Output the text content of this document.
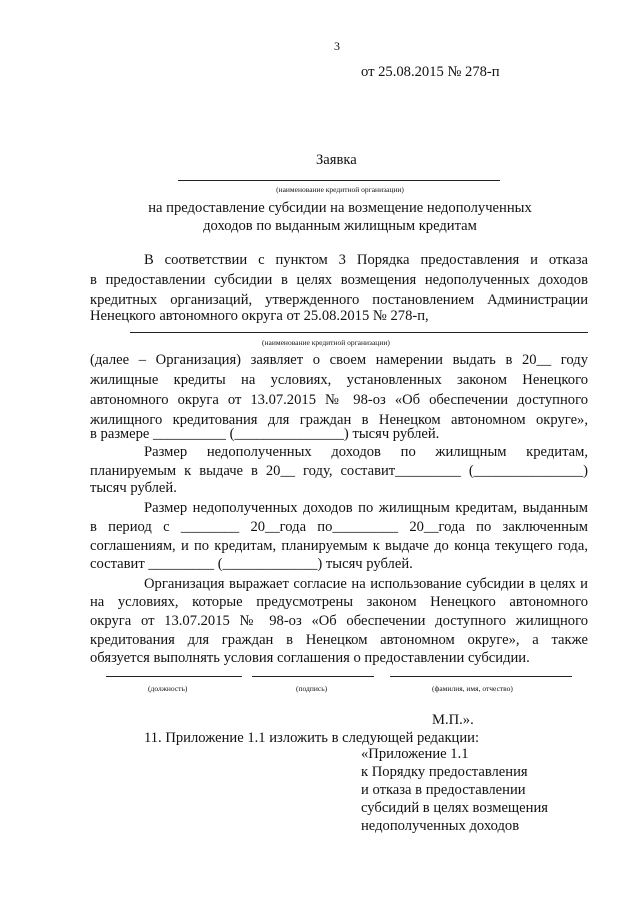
3
от 25.08.2015 № 278-п
Заявка
(наименование кредитной организации)
на предоставление субсидии на возмещение недополученных
доходов по выданным жилищным кредитам
В соответствии с пунктом 3 Порядка предоставления и отказа
в предоставлении субсидии в целях возмещения недополученных доходов
кредитных организаций, утвержденного постановлением Администрации
Ненецкого автономного округа от 25.08.2015 № 278-п,
(наименование кредитной организации)
(далее – Организация) заявляет о своем намерении выдать в 20__ году
жилищные кредиты на условиях, установленных законом Ненецкого
автономного округа от 13.07.2015 № 98-оз «Об обеспечении доступного
жилищного кредитования для граждан в Ненецком автономном округе»,
в размере __________ (_______________) тысяч рублей.
Размер недополученных доходов по жилищным кредитам,
планируемым к выдаче в 20__ году, составит_________ (_______________)
тысяч рублей.
Размер недополученных доходов по жилищным кредитам, выданным
в период с ________ 20__года по_________ 20__года по заключенным
соглашениям, и по кредитам, планируемым к выдаче до конца текущего года,
составит _________ (_____________) тысяч рублей.
Организация выражает согласие на использование субсидии в целях и
на условиях, которые предусмотрены законом Ненецкого автономного
округа от 13.07.2015 № 98-оз «Об обеспечении доступного жилищного
кредитования для граждан в Ненецком автономном округе», а также
обязуется выполнять условия соглашения о предоставлении субсидии.
(должность)	(подпись)	(фамилия, имя, отчество)
М.П.».
11. Приложение 1.1 изложить в следующей редакции:
«Приложение 1.1
к Порядку предоставления
и отказа в предоставлении
субсидий в целях возмещения
недополученных доходов
